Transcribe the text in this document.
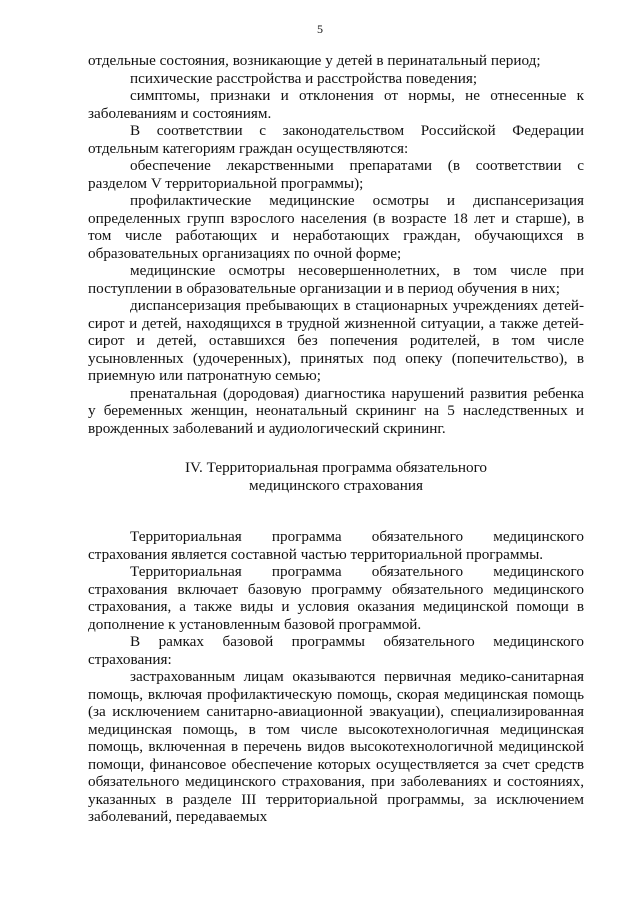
5

отдельные состояния, возникающие у детей в перинатальный период;

психические расстройства и расстройства поведения;

симптомы, признаки и отклонения от нормы, не отнесенные к заболеваниям и состояниям.

В соответствии с законодательством Российской Федерации отдельным категориям граждан осуществляются:

обеспечение лекарственными препаратами (в соответствии с разделом V территориальной программы);

профилактические медицинские осмотры и диспансеризация определенных групп взрослого населения (в возрасте 18 лет и старше), в том числе работающих и неработающих граждан, обучающихся в образовательных организациях по очной форме;

медицинские осмотры несовершеннолетних, в том числе при поступлении в образовательные организации и в период обучения в них;

диспансеризация пребывающих в стационарных учреждениях детей-сирот и детей, находящихся в трудной жизненной ситуации, а также детей-сирот и детей, оставшихся без попечения родителей, в том числе усыновленных (удочеренных), принятых под опеку (попечительство), в приемную или патронатную семью;

пренатальная (дородовая) диагностика нарушений развития ребенка у беременных женщин, неонатальный скрининг на 5 наследственных и врожденных заболеваний и аудиологический скрининг.

IV. Территориальная программа обязательного
медицинского страхования

Территориальная программа обязательного медицинского страхования является составной частью территориальной программы.

Территориальная программа обязательного медицинского страхования включает базовую программу обязательного медицинского страхования, а также виды и условия оказания медицинской помощи в дополнение к установленным базовой программой.

В рамках базовой программы обязательного медицинского страхования:

застрахованным лицам оказываются первичная медико-санитарная помощь, включая профилактическую помощь, скорая медицинская помощь (за исключением санитарно-авиационной эвакуации), специализированная медицинская помощь, в том числе высокотехнологичная медицинская помощь, включенная в перечень видов высокотехнологичной медицинской помощи, финансовое обеспечение которых осуществляется за счет средств обязательного медицинского страхования, при заболеваниях и состояниях, указанных в разделе III территориальной программы, за исключением заболеваний, передаваемых
